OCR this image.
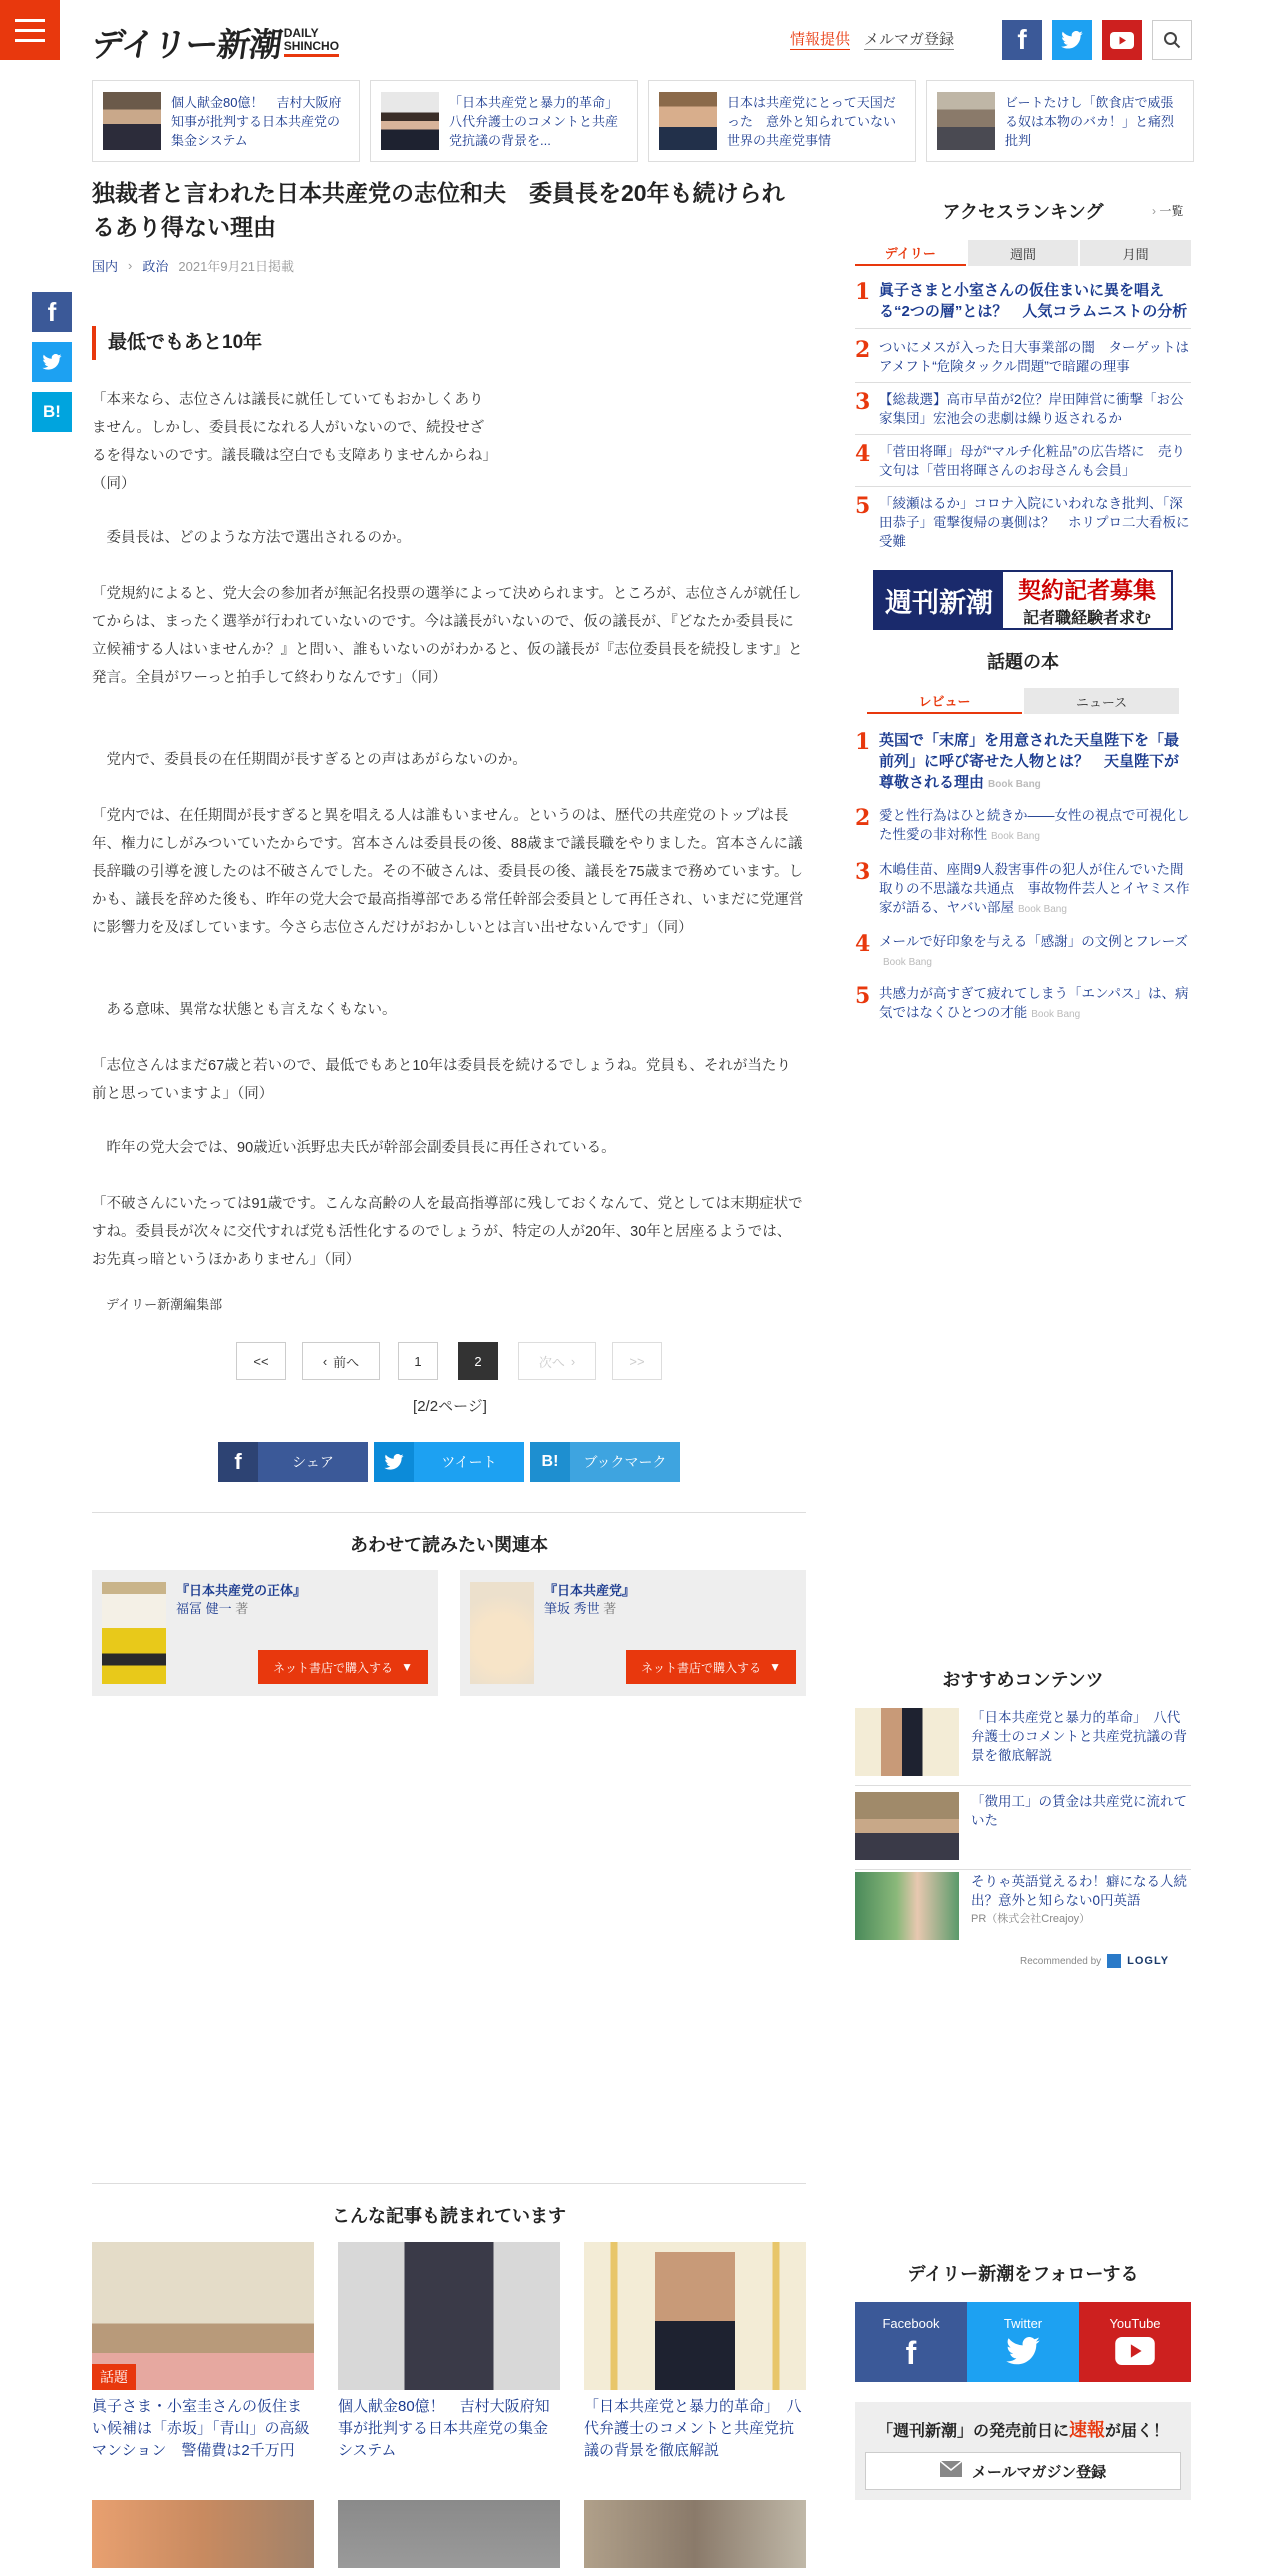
デイリー新潮 DAILY
SHINCHO	情報提供 メルマガ登録	f
個人献金80億！　吉村大阪府知事が批判する日本共産党の集金システム
「日本共産党と暴力的革命」　八代弁護士のコメントと共産党抗議の背景を...
日本は共産党にとって天国だった　意外と知られていない世界の共産党事情
ビートたけし「飲食店で威張る奴は本物のバカ！」と痛烈批判
独裁者と言われた日本共産党の志位和夫　委員長を20年も続けられるあり得ない理由
国内 › 政治 2021年9月21日掲載
f
B!
最低でもあと10年

「本来なら、志位さんは議長に就任していてもおかしくありません。しかし、委員長になれる人がいないので、続投せざるを得ないのです。議長職は空白でも支障ありませんからね」（同）

　委員長は、どのような方法で選出されるのか。

「党規約によると、党大会の参加者が無記名投票の選挙によって決められます。ところが、志位さんが就任してからは、まったく選挙が行われていないのです。今は議長がいないので、仮の議長が、『どなたか委員長に立候補する人はいませんか？』と問い、誰もいないのがわかると、仮の議長が『志位委員長を続投します』と発言。全員がワーっと拍手して終わりなんです」（同）

　党内で、委員長の在任期間が長すぎるとの声はあがらないのか。

「党内では、在任期間が長すぎると異を唱える人は誰もいません。というのは、歴代の共産党のトップは長年、権力にしがみついていたからです。宮本さんは委員長の後、88歳まで議長職をやりました。宮本さんに議長辞職の引導を渡したのは不破さんでした。その不破さんは、委員長の後、議長を75歳まで務めています。しかも、議長を辞めた後も、昨年の党大会で最高指導部である常任幹部会委員として再任され、いまだに党運営に影響力を及ぼしています。今さら志位さんだけがおかしいとは言い出せないんです」（同）

　ある意味、異常な状態とも言えなくもない。

「志位さんはまだ67歳と若いので、最低でもあと10年は委員長を続けるでしょうね。党員も、それが当たり前と思っていますよ」（同）

　昨年の党大会では、90歳近い浜野忠夫氏が幹部会副委員長に再任されている。

「不破さんにいたっては91歳です。こんな高齢の人を最高指導部に残しておくなんて、党としては末期症状ですね。委員長が次々に交代すれば党も活性化するのでしょうが、特定の人が20年、30年と居座るようでは、お先真っ暗というほかありません」（同）

デイリー新潮編集部
<<	‹ 前へ	1	2	次へ ›	>>
[2/2ページ]
f	シェア	ツイート	B!	ブックマーク
あわせて読みたい関連本
『日本共産党の正体』
福冨 健一 著
ネット書店で購入する ▼
『日本共産党』
筆坂 秀世 著
ネット書店で購入する ▼
こんな記事も読まれています
話題
眞子さま・小室圭さんの仮住まい候補は「赤坂」「青山」の高級マンション　警備費は2千万円
個人献金80億！　吉村大阪府知事が批判する日本共産党の集金システム
「日本共産党と暴力的革命」　八代弁護士のコメントと共産党抗議の背景を徹底解説
アクセスランキング	› 一覧
デイリー	週間	月間
1 眞子さまと小室さんの仮住まいに異を唱える“2つの層”とは？　人気コラムニストの分析
2 ついにメスが入った日大事業部の闇　ターゲットはアメフト“危険タックル問題”で暗躍の理事
3 【総裁選】高市早苗が2位？岸田陣営に衝撃「お公家集団」宏池会の悲劇は繰り返されるか
4 「菅田将暉」母が“マルチ化粧品”の広告塔に　売り文句は「菅田将暉さんのお母さんも会員」
5 「綾瀬はるか」コロナ入院にいわれなき批判、「深田恭子」電撃復帰の裏側は？　ホリプロ二大看板に受難
週刊新潮	契約記者募集
記者職経験者求む
話題の本
レビュー	ニュース
1 英国で「末席」を用意された天皇陛下を「最前列」に呼び寄せた人物とは？　天皇陛下が尊敬される理由 Book Bang
2 愛と性行為はひと続きか――女性の視点で可視化した性愛の非対称性 Book Bang
3 木嶋佳苗、座間9人殺害事件の犯人が住んでいた間取りの不思議な共通点　事故物件芸人とイヤミス作家が語る、ヤバい部屋 Book Bang
4 メールで好印象を与える「感謝」の文例とフレーズBook Bang
5 共感力が高すぎて疲れてしまう「エンパス」は、病気ではなくひとつの才能 Book Bang
おすすめコンテンツ
「日本共産党と暴力的革命」　八代弁護士のコメントと共産党抗議の背景を徹底解説
「徴用工」の賃金は共産党に流れていた
そりゃ英語覚えるわ！癖になる人続出？意外と知らない0円英語
PR（株式会社Creajoy）
Recommended by LOGLY
デイリー新潮をフォローする
Facebook
f
Twitter	YouTube
「週刊新潮」の発売前日に速報が届く！
メールマガジン登録
